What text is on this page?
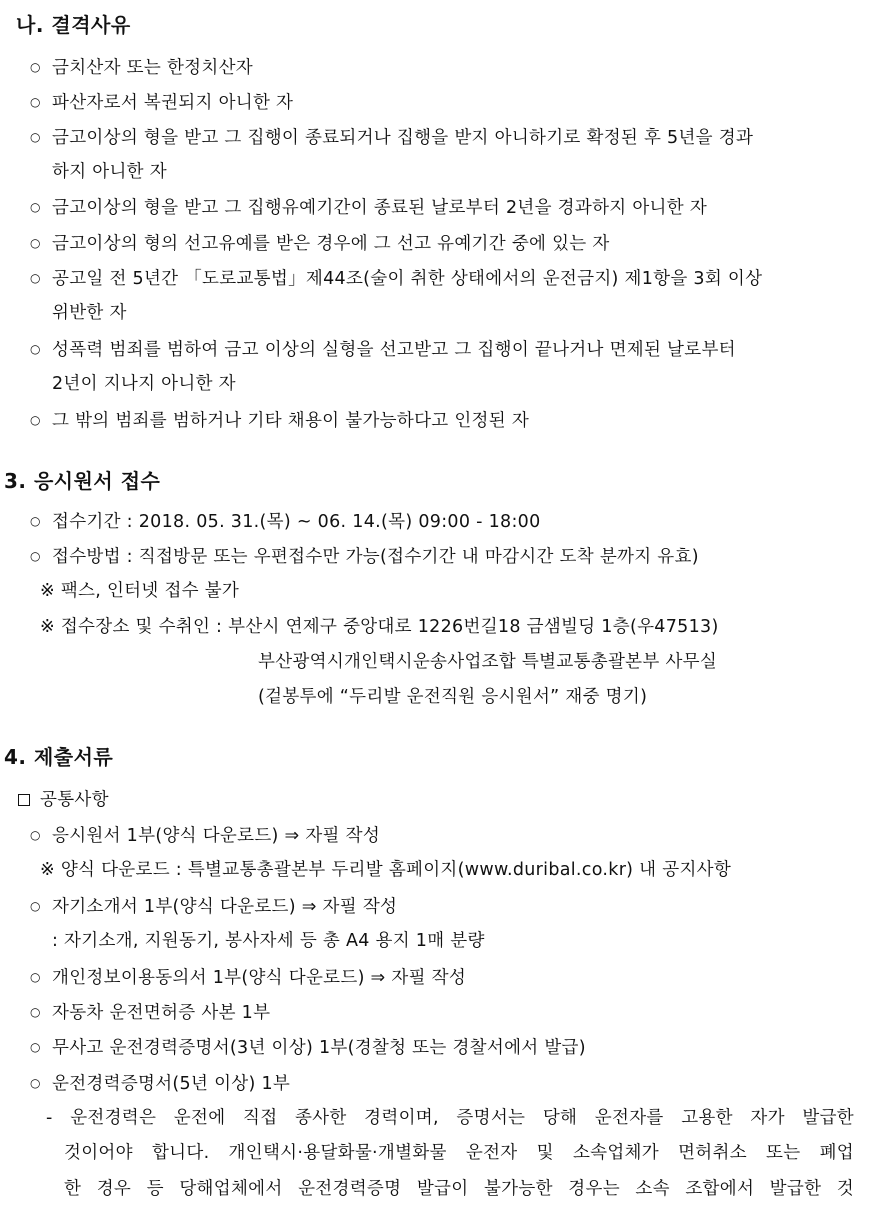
나. 결격사유
○ 금치산자 또는 한정치산자
○ 파산자로서 복권되지 아니한 자
○ 금고이상의 형을 받고 그 집행이 종료되거나 집행을 받지 아니하기로 확정된 후 5년을 경과
하지 아니한 자
○ 금고이상의 형을 받고 그 집행유예기간이 종료된 날로부터 2년을 경과하지 아니한 자
○ 금고이상의 형의 선고유예를 받은 경우에 그 선고 유예기간 중에 있는 자
○ 공고일 전 5년간 「도로교통법」제44조(술이 취한 상태에서의 운전금지) 제1항을 3회 이상
위반한 자
○ 성폭력 범죄를 범하여 금고 이상의 실형을 선고받고 그 집행이 끝나거나 면제된 날로부터
2년이 지나지 아니한 자
○ 그 밖의 범죄를 범하거나 기타 채용이 불가능하다고 인정된 자
3. 응시원서 접수
○ 접수기간 : 2018. 05. 31.(목) ~ 06. 14.(목) 09:00 - 18:00
○ 접수방법 : 직접방문 또는 우편접수만 가능(접수기간 내 마감시간 도착 분까지 유효)
※ 팩스, 인터넷 접수 불가
※ 접수장소 및 수취인 : 부산시 연제구 중앙대로 1226번길18 금샘빌딩 1층(우47513)
부산광역시개인택시운송사업조합 특별교통총괄본부 사무실
(겉봉투에 “두리발 운전직원 응시원서” 재중 명기)
4. 제출서류
공통사항
○ 응시원서 1부(양식 다운로드) ⇒ 자필 작성
※ 양식 다운로드 : 특별교통총괄본부 두리발 홈페이지(www.duribal.co.kr) 내 공지사항
○ 자기소개서 1부(양식 다운로드) ⇒ 자필 작성
: 자기소개, 지원동기, 봉사자세 등 총 A4 용지 1매 분량
○ 개인정보이용동의서 1부(양식 다운로드) ⇒ 자필 작성
○ 자동차 운전면허증 사본 1부
○ 무사고 운전경력증명서(3년 이상) 1부(경찰청 또는 경찰서에서 발급)
○ 운전경력증명서(5년 이상) 1부
- 운전경력은 운전에 직접 종사한 경력이며, 증명서는 당해 운전자를 고용한 자가 발급한
것이어야 합니다. 개인택시·용달화물·개별화물 운전자 및 소속업체가 면허취소 또는 폐업
한 경우 등 당해업체에서 운전경력증명 발급이 불가능한 경우는 소속 조합에서 발급한 것
